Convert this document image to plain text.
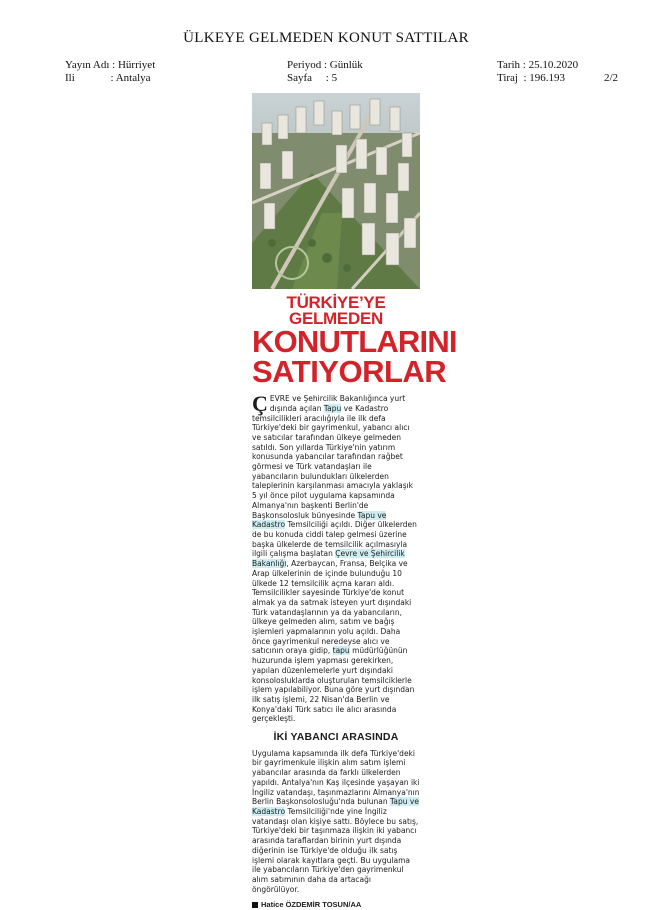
ÜLKEYE GELMEDEN KONUT SATTILAR
Yayın Adı : Hürriyet
Ili             : Antalya
Periyod : Günlük
Sayfa     : 5
Tarih : 25.10.2020
Tiraj  : 196.193	2/2
TÜRKİYE’YE GELMEDEN
KONUTLARINI
SATIYORLAR

ÇEVRE ve Şehircilik Bakanlığınca yurt dışında açılan Tapu ve Kadastro temsilcilikleri aracılığıyla ile ilk defa Türkiye'deki bir gayrimenkul, yabancı alıcı ve satıcılar tarafından ülkeye gelmeden satıldı. Son yıllarda Türkiye'nin yatırım konusunda yabancılar tarafından rağbet görmesi ve Türk vatandaşları ile yabancıların bulundukları ülkelerden taleplerinin karşılanması amacıyla yaklaşık 5 yıl önce pilot uygulama kapsamında Almanya'nın başkenti Berlin'de Başkonsolosluk bünyesinde Tapu ve Kadastro Temsilciliği açıldı. Diğer ülkelerden de bu konuda ciddi talep gelmesi üzerine başka ülkelerde de temsilcilik açılmasıyla ilgili çalışma başlatan Çevre ve Şehircilik Bakanlığı, Azerbaycan, Fransa, Belçika ve Arap ülkelerinin de içinde bulunduğu 10 ülkede 12 temsilcilik açma kararı aldı. Temsilcilikler sayesinde Türkiye'de konut almak ya da satmak isteyen yurt dışındaki Türk vatandaşlarının ya da yabancıların, ülkeye gelmeden alım, satım ve bağış işlemleri yapmalarının yolu açıldı. Daha önce gayrimenkul neredeyse alıcı ve satıcının oraya gidip, tapu müdürlüğünün huzurunda işlem yapması gerekirken, yapılan düzenlemelerle yurt dışındaki konsolosluklarda oluşturulan temsilciklerle işlem yapılabiliyor. Buna göre yurt dışından ilk satış işlemi, 22 Nisan'da Berlin ve Konya'daki Türk satıcı ile alıcı arasında gerçekleşti.

İKİ YABANCI ARASINDA

Uygulama kapsamında ilk defa Türkiye'deki bir gayrimenkule ilişkin alım satım işlemi yabancılar arasında da farklı ülkelerden yapıldı. Antalya'nın Kaş ilçesinde yaşayan iki İngiliz vatandaşı, taşınmazlarını Almanya'nın Berlin Başkonsolosluğu'nda bulunan Tapu ve Kadastro Temsilciliği'nde yine İngiliz vatandaşı olan kişiye sattı. Böylece bu satış, Türkiye'deki bir taşınmaza ilişkin iki yabancı arasında taraflardan birinin yurt dışında diğerinin ise Türkiye'de olduğu ilk satış işlemi olarak kayıtlara geçti. Bu uygulama ile yabancıların Türkiye'den gayrimenkul alım satımının daha da artacağı öngörülüyor.

Hatice ÖZDEMİR TOSUN/AA
